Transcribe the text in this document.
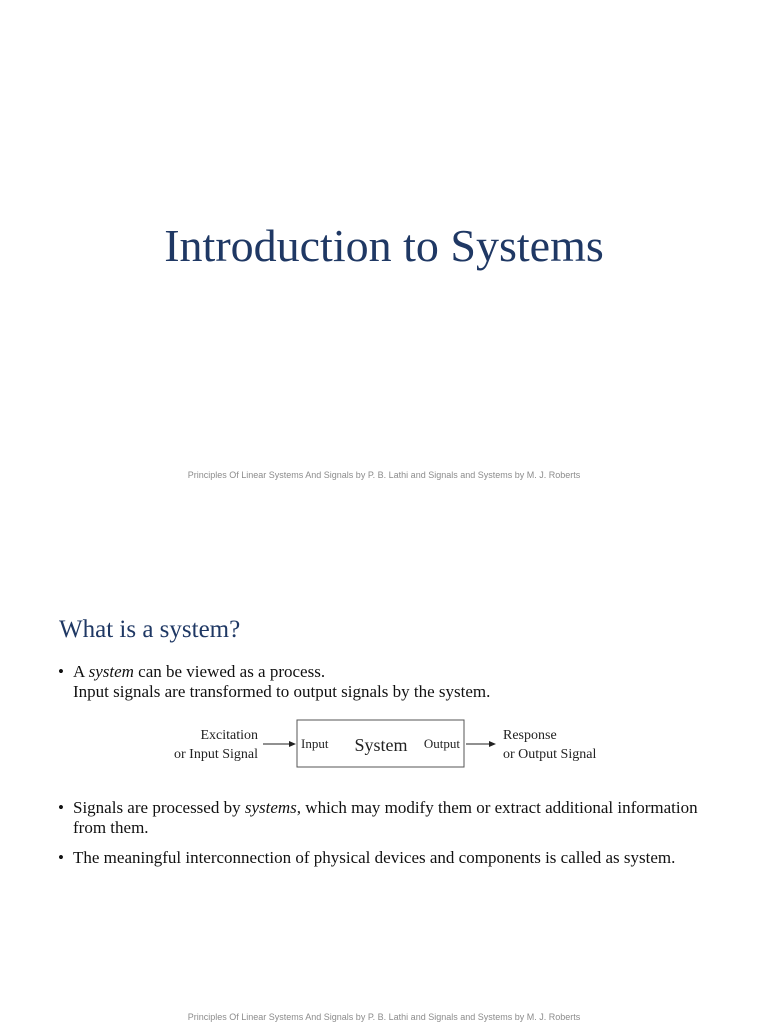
Introduction to Systems
Principles Of Linear Systems And Signals by P. B. Lathi and Signals and Systems by M. J. Roberts
What is a system?
• A system can be viewed as a process.
Input signals are transformed to output signals by the system.
Excitation
or Input Signal
Input System Output
Response
or Output Signal
• Signals are processed by systems, which may modify them or extract additional information from them.
• The meaningful interconnection of physical devices and components is called as system.
Principles Of Linear Systems And Signals by P. B. Lathi and Signals and Systems by M. J. Roberts
